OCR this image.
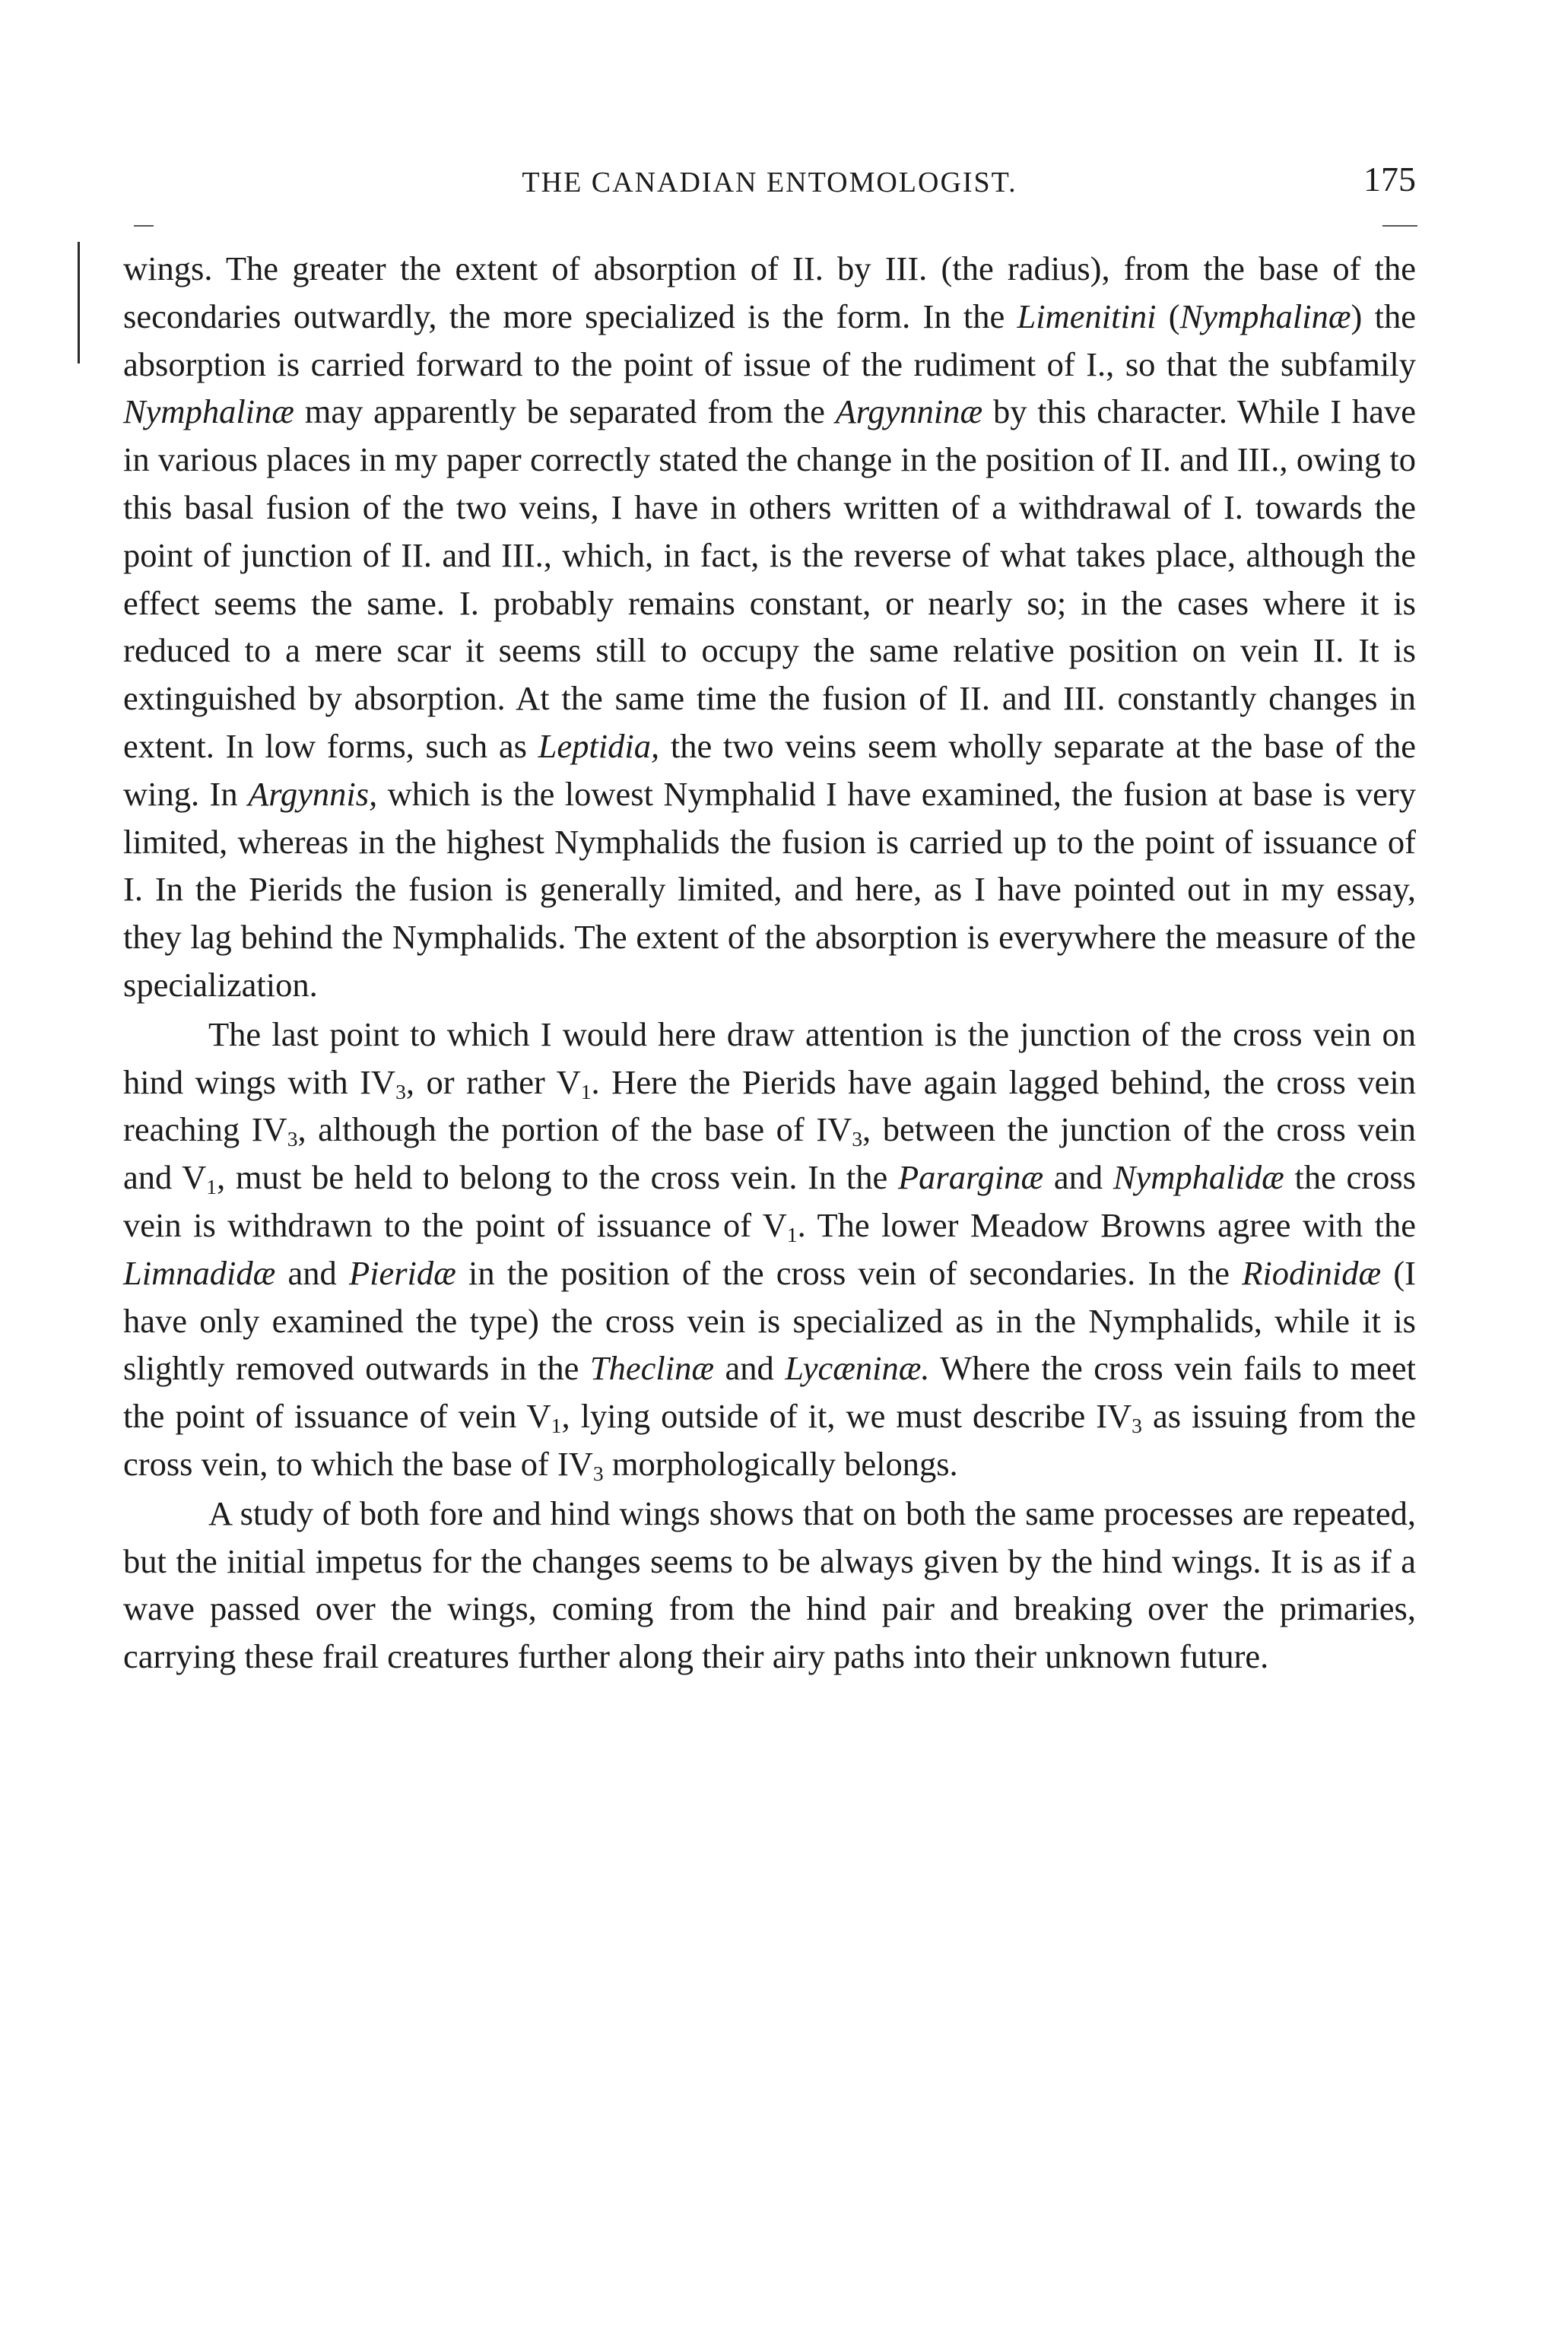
THE CANADIAN ENTOMOLOGIST.	175

wings. The greater the extent of absorption of II. by III. (the radius), from the base of the secondaries outwardly, the more specialized is the form. In the Limenitini (Nymphalinæ) the absorption is carried forward to the point of issue of the rudiment of I., so that the subfamily Nymphalinæ may apparently be separated from the Argynninæ by this character. While I have in various places in my paper correctly stated the change in the position of II. and III., owing to this basal fusion of the two veins, I have in others written of a withdrawal of I. towards the point of junction of II. and III., which, in fact, is the reverse of what takes place, although the effect seems the same. I. probably remains constant, or nearly so; in the cases where it is reduced to a mere scar it seems still to occupy the same relative position on vein II. It is extinguished by absorption. At the same time the fusion of II. and III. constantly changes in extent. In low forms, such as Leptidia, the two veins seem wholly separate at the base of the wing. In Argynnis, which is the lowest Nymphalid I have examined, the fusion at base is very limited, whereas in the highest Nymphalids the fusion is carried up to the point of issuance of I. In the Pierids the fusion is generally limited, and here, as I have pointed out in my essay, they lag behind the Nymphalids. The extent of the absorption is everywhere the measure of the specialization.

The last point to which I would here draw attention is the junction of the cross vein on hind wings with $IV_3$, or rather $V_1$. Here the Pierids have again lagged behind, the cross vein reaching $IV_3$, although the portion of the base of $IV_3$, between the junction of the cross vein and $V_1$, must be held to belong to the cross vein. In the Pararginæ and Nymphalidæ the cross vein is withdrawn to the point of issuance of $V_1$. The lower Meadow Browns agree with the Limnadidæ and Pieridæ in the position of the cross vein of secondaries. In the Riodinidæ (I have only examined the type) the cross vein is specialized as in the Nymphalids, while it is slightly removed outwards in the Theclinæ and Lycæninæ. Where the cross vein fails to meet the point of issuance of vein $V_1$, lying outside of it, we must describe $IV_3$ as issuing from the cross vein, to which the base of $IV_3$ morphologically belongs.

A study of both fore and hind wings shows that on both the same processes are repeated, but the initial impetus for the changes seems to be always given by the hind wings. It is as if a wave passed over the wings, coming from the hind pair and breaking over the primaries, carrying these frail creatures further along their airy paths into their unknown future.
